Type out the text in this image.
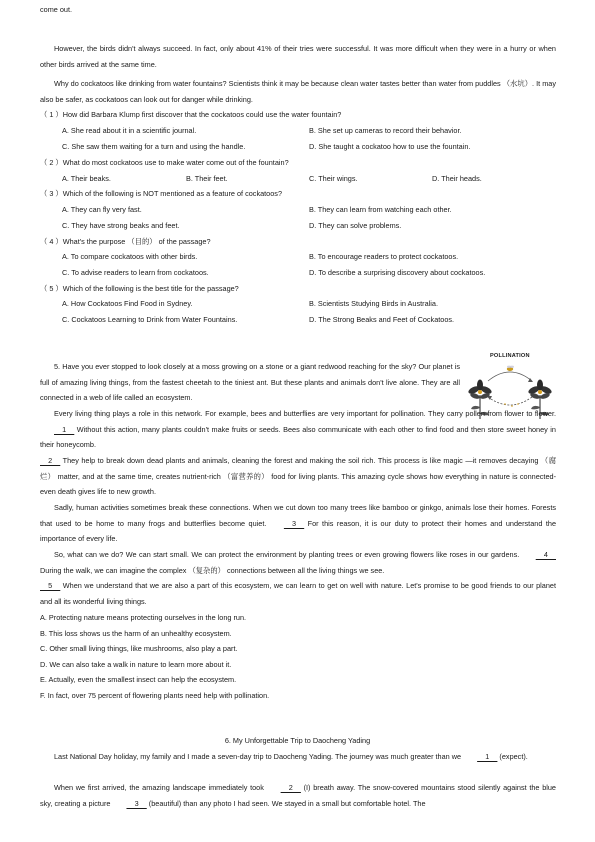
come out.
However, the birds didn't always succeed. In fact, only about 41% of their tries were successful. It was more difficult when they were in a hurry or when other birds arrived at the same time.
Why do cockatoos like drinking from water fountains? Scientists think it may be because clean water tastes better than water from puddles （水坑）. It may also be safer, as cockatoos can look out for danger while drinking.
（ 1 ）How did Barbara Klump first discover that the cockatoos could use the water fountain?
A. She read about it in a scientific journal.	B. She set up cameras to record their behavior.
C. She saw them waiting for a turn and using the handle.	D. She taught a cockatoo how to use the fountain.
（ 2 ）What do most cockatoos use to make water come out of the fountain?
A. Their beaks.	B. Their feet.	C. Their wings.	D. Their heads.
（ 3 ）Which of the following is NOT mentioned as a feature of cockatoos?
A. They can fly very fast.	B. They can learn from watching each other.
C. They have strong beaks and feet.	D. They can solve problems.
（ 4 ）What's the purpose （目的） of the passage?
A. To compare cockatoos with other birds.	B. To encourage readers to protect cockatoos.
C. To advise readers to learn from cockatoos.	D. To describe a surprising discovery about cockatoos.
（ 5 ）Which of the following is the best title for the passage?
A. How Cockatoos Find Food in Sydney.	B. Scientists Studying Birds in Australia.
C. Cockatoos Learning to Drink from Water Fountains.	D. The Strong Beaks and Feet of Cockatoos.
POLLINATION
5. Have you ever stopped to look closely at a moss growing on a stone or a giant redwood reaching for the sky? Our planet is full of amazing living things, from the fastest cheetah to the tiniest ant. But these plants and animals don't live alone. They are all connected in a web of life called an ecosystem.
Every living thing plays a role in this network. For example, bees and butterflies are very important for pollination. They carry pollen from flower to flower.     1     Without this action, many plants couldn't make fruits or seeds. Bees also communicate with each other to find food and then store sweet honey in their honeycomb.
2     They help to break down dead plants and animals, cleaning the forest and making the soil rich. This process is like magic —it removes decaying （腐烂） matter, and at the same time, creates nutrient-rich （富营养的） food for living plants. This amazing cycle shows how everything in nature is connected-even death gives life to new growth.
Sadly, human activities sometimes break these connections. When we cut down too many trees like bamboo or ginkgo, animals lose their homes. Forests that used to be home to many frogs and butterflies become quiet.     3     For this reason, it is our duty to protect their homes and understand the importance of every life.
So, what can we do? We can start small. We can protect the environment by planting trees or even growing flowers like roses in our gardens.     4     During the walk, we can imagine the complex （复杂的） connections between all the living things we see.
5     When we understand that we are also a part of this ecosystem, we can learn to get on well with nature. Let's promise to be good friends to our planet and all its wonderful living things.
A. Protecting nature means protecting ourselves in the long run.
B. This loss shows us the harm of an unhealthy ecosystem.
C. Other small living things, like mushrooms, also play a part.
D. We can also take a walk in nature to learn more about it.
E. Actually, even the smallest insect can help the ecosystem.
F. In fact, over 75 percent of flowering plants need help with pollination.
6. My Unforgettable Trip to Daocheng Yading
Last National Day holiday, my family and I made a seven-day trip to Daocheng Yading. The journey was much greater than we     1     (expect).
When we first arrived, the amazing landscape immediately took     2     (I) breath away. The snow-covered mountains stood silently against the blue sky, creating a picture     3     (beautiful) than any photo I had seen. We stayed in a small but comfortable hotel. The
